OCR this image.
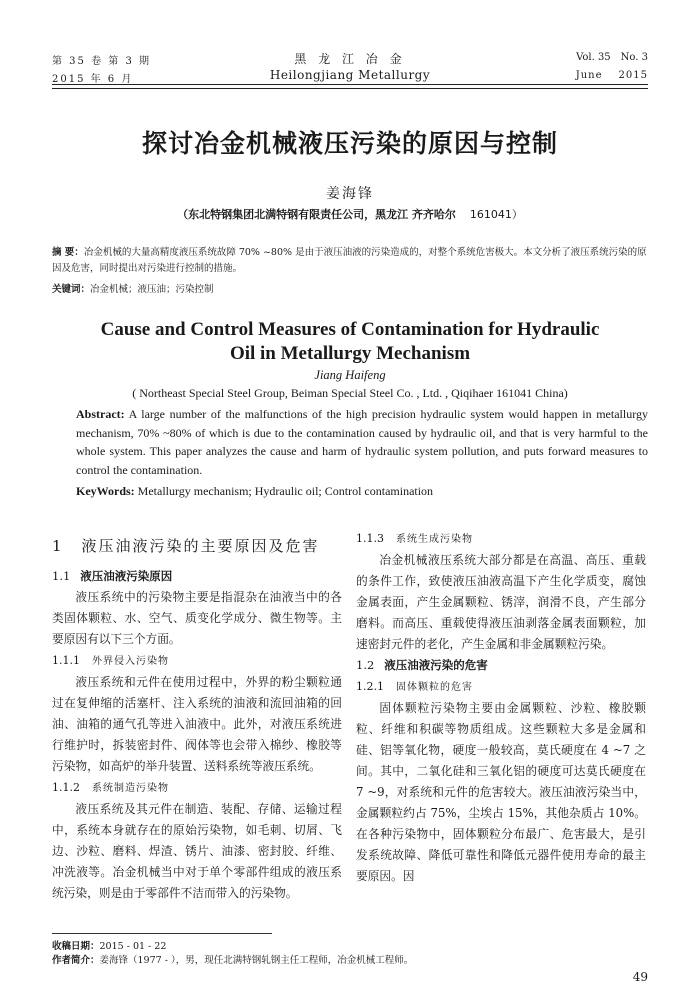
第 35 卷 第 3 期
2015 年 6 月
黑 龙 江 冶 金
Heilongjiang Metallurgy
Vol. 35 No. 3
June 2015
探讨冶金机械液压污染的原因与控制
姜海锋
（东北特钢集团北满特钢有限责任公司，黑龙江 齐齐哈尔 161041）
摘 要：冶金机械的大量高精度液压系统故障 70% ~80% 是由于液压油液的污染造成的，对整个系统危害极大。本文分析了液压系统污染的原因及危害，同时提出对污染进行控制的措施。
关键词：冶金机械；液压油；污染控制
Cause and Control Measures of Contamination for Hydraulic
Oil in Metallurgy Mechanism
Jiang Haifeng
( Northeast Special Steel Group, Beiman Special Steel Co. , Ltd. , Qiqihaer 161041 China)
Abstract: A large number of the malfunctions of the high precision hydraulic system would happen in metallurgy mechanism, 70% ~80% of which is due to the contamination caused by hydraulic oil, and that is very harmful to the whole system. This paper analyzes the cause and harm of hydraulic system pollution, and puts forward measures to control the contamination.
KeyWords: Metallurgy mechanism; Hydraulic oil; Control contamination
1 液压油液污染的主要原因及危害
1.1 液压油液污染原因

液压系统中的污染物主要是指混杂在油液当中的各类固体颗粒、水、空气、质变化学成分、微生物等。主要原因有以下三个方面。

1.1.1 外界侵入污染物

液压系统和元件在使用过程中，外界的粉尘颗粒通过在复伸缩的活塞杆、注入系统的油液和流回油箱的回油、油箱的通气孔等进入油液中。此外，对液压系统进行维护时，拆装密封件、阀体等也会带入棉纱、橡胶等污染物，如高炉的举升装置、送料系统等液压系统。

1.1.2 系统制造污染物

液压系统及其元件在制造、装配、存储、运输过程中，系统本身就存在的原始污染物，如毛刺、切屑、飞边、沙粒、磨料、焊渣、锈片、油漆、密封胶、纤维、冲洗液等。冶金机械当中对于单个零部件组成的液压系统污染，则是由于零部件不洁而带入的污染物。

1.1.3 系统生成污染物

冶金机械液压系统大部分都是在高温、高压、重载的条件工作，致使液压油液高温下产生化学质变，腐蚀金属表面，产生金属颗粒、锈滓，润滑不良，产生部分磨料。而高压、重载使得液压油剥落金属表面颗粒，加速密封元件的老化，产生金属和非金属颗粒污染。

1.2 液压油液污染的危害
1.2.1 固体颗粒的危害

固体颗粒污染物主要由金属颗粒、沙粒、橡胶颗粒、纤维和积碳等物质组成。这些颗粒大多是金属和硅、铝等氧化物，硬度一般较高，莫氏硬度在 4 ~7 之间。其中，二氧化硅和三氧化铝的硬度可达莫氏硬度在 7 ~9，对系统和元件的危害较大。液压油液污染当中，金属颗粒约占 75%，尘埃占 15%，其他杂质占 10%。在各种污染物中，固体颗粒分布最广、危害最大，是引发系统故障、降低可靠性和降低元器件使用寿命的最主要原因。因

收稿日期：2015 - 01 - 22
作者简介：姜海锋（1977 - ），男，现任北满特钢轧钢主任工程师，冶金机械工程师。
49
